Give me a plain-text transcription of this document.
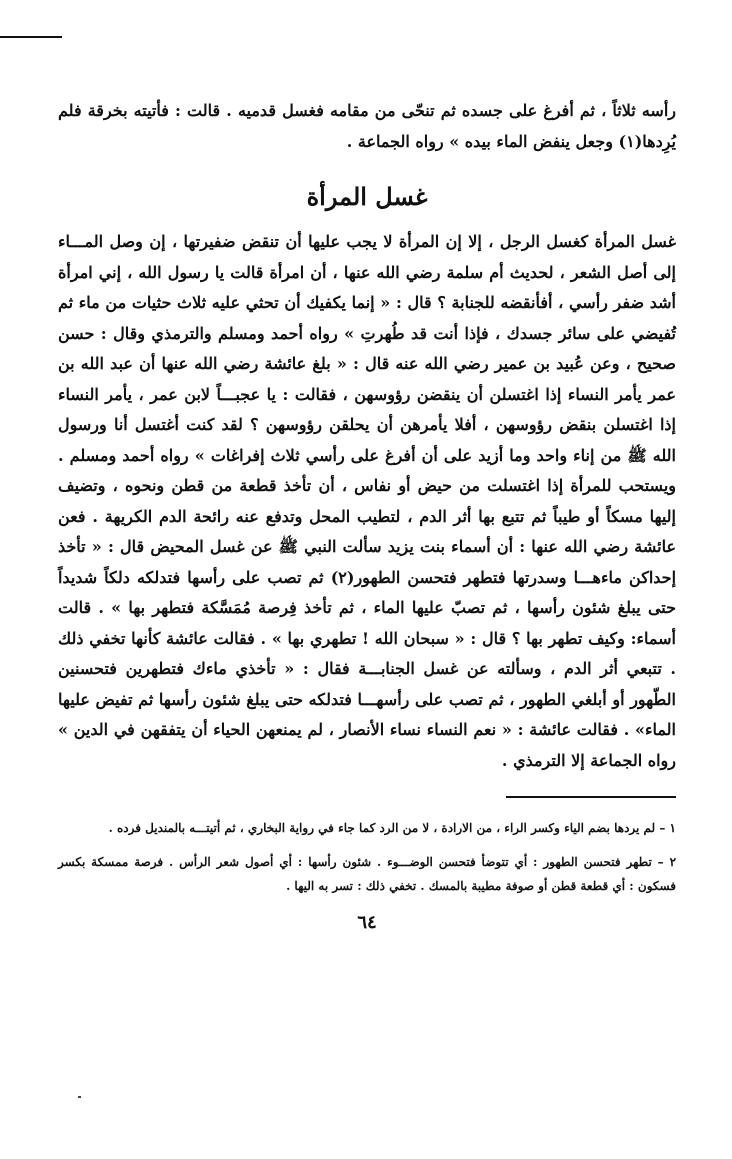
رأسه ثلاثاً ، ثم أفرغ على جسده ثم تنحّى من مقامه فغسل قدميه . قالت : فأتيته بخرقة فلم يُرِدها(١) وجعل ينفض الماء بيده » رواه الجماعة .

غسل المرأة

غسل المرأة كغسل الرجل ، إلا إن المرأة لا يجب عليها أن تنقض ضفيرتها ، إن وصل المـــاء إلى أصل الشعر ، لحديث أم سلمة رضي الله عنها ، أن امرأة قالت يا رسول الله ، إني امرأة أشد ضفر رأسي ، أفأنقضه للجنابة ؟ قال : « إنما يكفيك أن تحثي عليه ثلاث حثيات من ماء ثم تُفيضي على سائر جسدك ، فإذا أنت قد طُهرتِ » رواه أحمد ومسلم والترمذي وقال : حسن صحيح ، وعن عُبيد بن عمير رضي الله عنه قال : « بلغ عائشة رضي الله عنها أن عبد الله بن عمر يأمر النساء إذا اغتسلن أن ينقضن رؤوسهن ، فقالت : يا عجبـــاً لابن عمر ، يأمر النساء إذا اغتسلن بنقض رؤوسهن ، أفلا يأمرهن أن يحلقن رؤوسهن ؟ لقد كنت أغتسل أنا ورسول الله ﷺ من إناء واحد وما أزيد على أن أفرغ على رأسي ثلاث إفراغات » رواه أحمد ومسلم . ويستحب للمرأة إذا اغتسلت من حيض أو نفاس ، أن تأخذ قطعة من قطن ونحوه ، وتضيف إليها مسكاً أو طيباً ثم تتبع بها أثر الدم ، لتطيب المحل وتدفع عنه رائحة الدم الكريهة . فعن عائشة رضي الله عنها : أن أسماء بنت يزيد سألت النبي ﷺ عن غسل المحيض قال : « تأخذ إحداكن ماءهـــا وسدرتها فتطهر فتحسن الطهور(٢) ثم تصب على رأسها فتدلكه دلكاً شديداً حتى يبلغ شئون رأسها ، ثم تصبّ عليها الماء ، ثم تأخذ فِرصة مُمَسَّكة فتطهر بها » . قالت أسماء: وكيف تطهر بها ؟ قال : « سبحان الله ! تطهري بها » . فقالت عائشة كأنها تخفي ذلك . تتبعي أثر الدم ، وسألته عن غسل الجنابـــة فقال : « تأخذي ماءك فتطهرين فتحسنين الطّهور أو أبلغي الطهور ، ثم تصب على رأسهـــا فتدلكه حتى يبلغ شئون رأسها ثم تفيض عليها الماء» . فقالت عائشة : « نعم النساء نساء الأنصار ، لم يمنعهن الحياء أن يتفقهن في الدين » رواه الجماعة إلا الترمذي .

١ – لم يردها بضم الياء وكسر الراء ، من الارادة ، لا من الرد كما جاء في رواية البخاري ، ثم أتيتـــه بالمنديل فرده .

٢ – تطهر فتحسن الطهور : أي تتوضأ فتحسن الوضـــوء . شئون رأسها : أي أصول شعر الرأس . فرصة ممسكة بكسر فسكون : أي قطعة قطن أو صوفة مطيبة بالمسك . تخفي ذلك : تسر به اليها .

٦٤
